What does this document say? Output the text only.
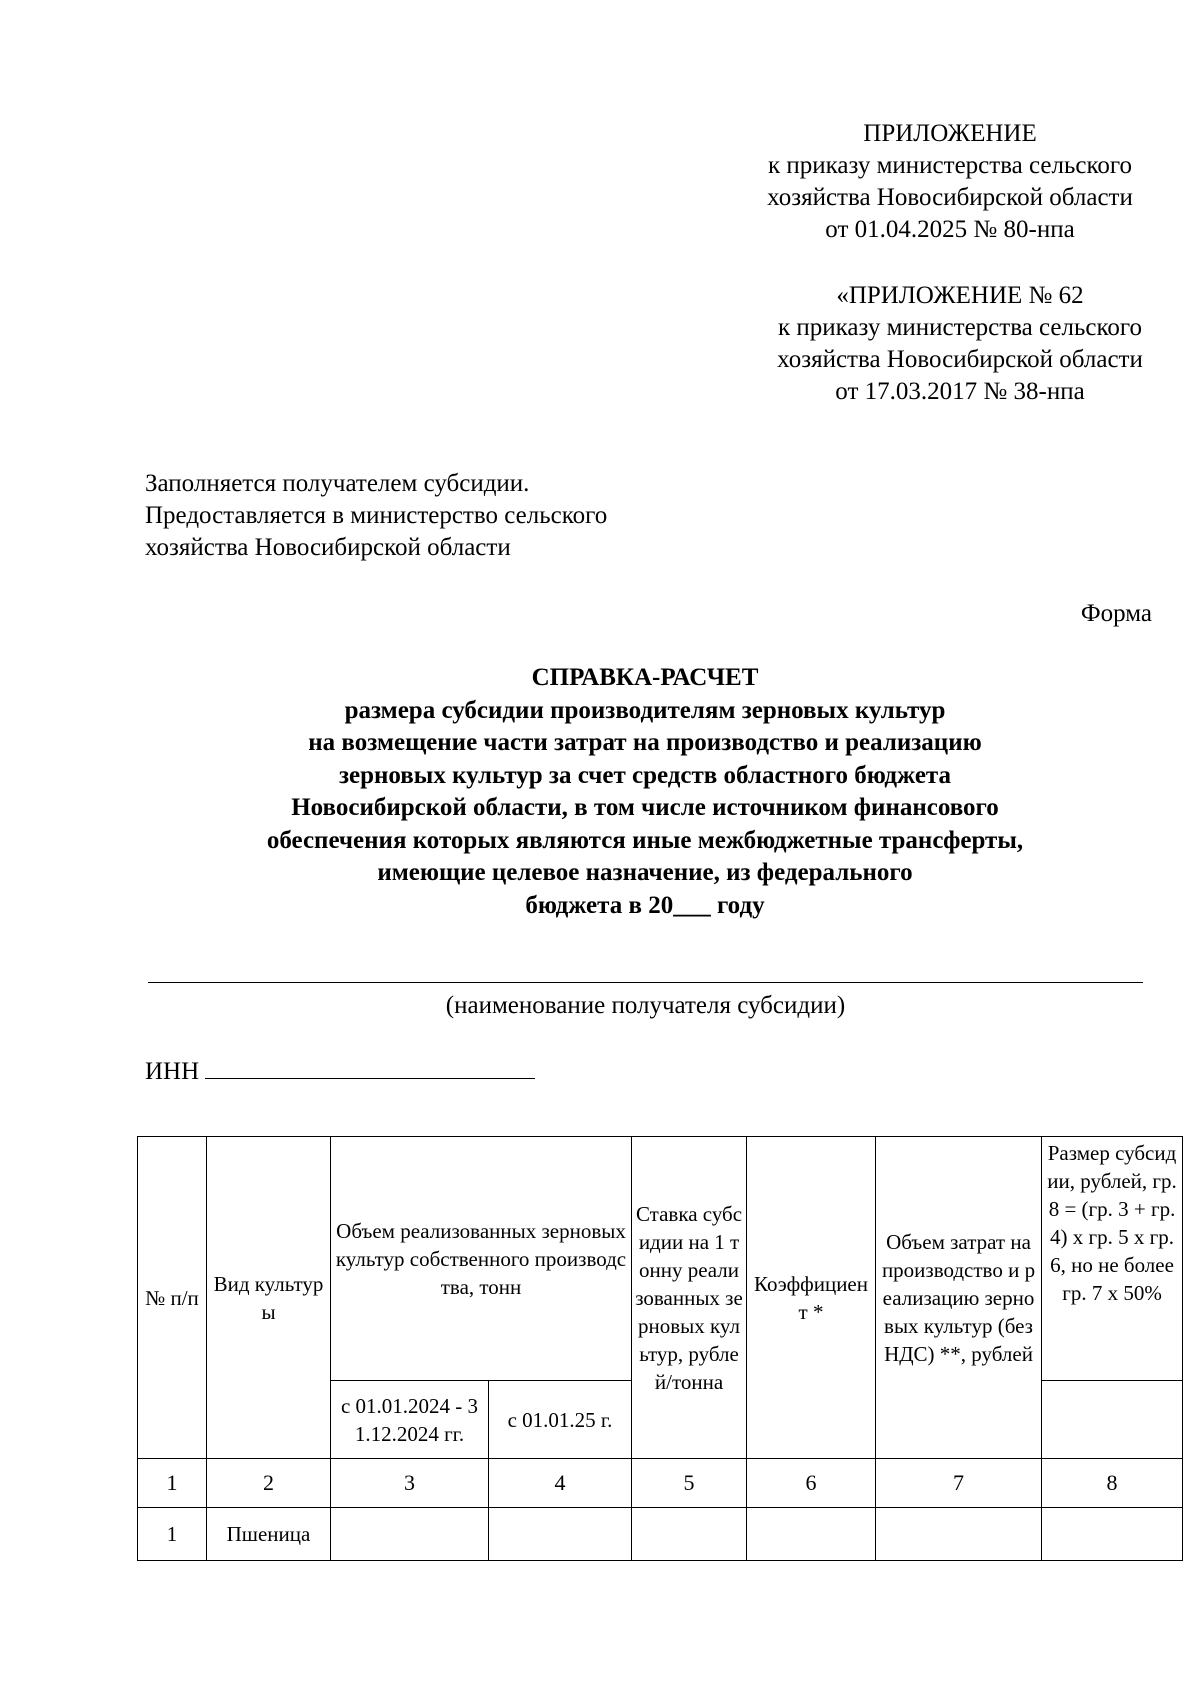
ПРИЛОЖЕНИЕ
к приказу министерства сельского
хозяйства Новосибирской области
от 01.04.2025 № 80-нпа
«ПРИЛОЖЕНИЕ № 62
к приказу министерства сельского
хозяйства Новосибирской области
от 17.03.2017 № 38-нпа
Заполняется получателем субсидии.
Предоставляется в министерство сельского
хозяйства Новосибирской области
Форма
СПРАВКА-РАСЧЕТ
размера субсидии производителям зерновых культур
на возмещение части затрат на производство и реализацию
зерновых культур за счет средств областного бюджета
Новосибирской области, в том числе источником финансового
обеспечения которых являются иные межбюджетные трансферты,
имеющие целевое назначение, из федерального
бюджета в 20___ году
(наименование получателя субсидии)
ИНН
№ п/п	Вид культуры	Объем реализованных зерновых культур собственного производства, тонн		Ставка субсидии на 1 тонну реализованных зерновых культур, рублей/тонна	Коэффициент *	Объем затрат на производство и реализацию зерновых культур (без НДС) **, рублей	Размер субсидии, рублей, гр. 8 = (гр. 3 + гр. 4) x гр. 5 x гр. 6, но не более гр. 7 x 50%
		с 01.01.2024 - 31.12.2024 гг.	с 01.01.25 г.				
1	2	3	4	5	6	7	8
1	Пшеница						
